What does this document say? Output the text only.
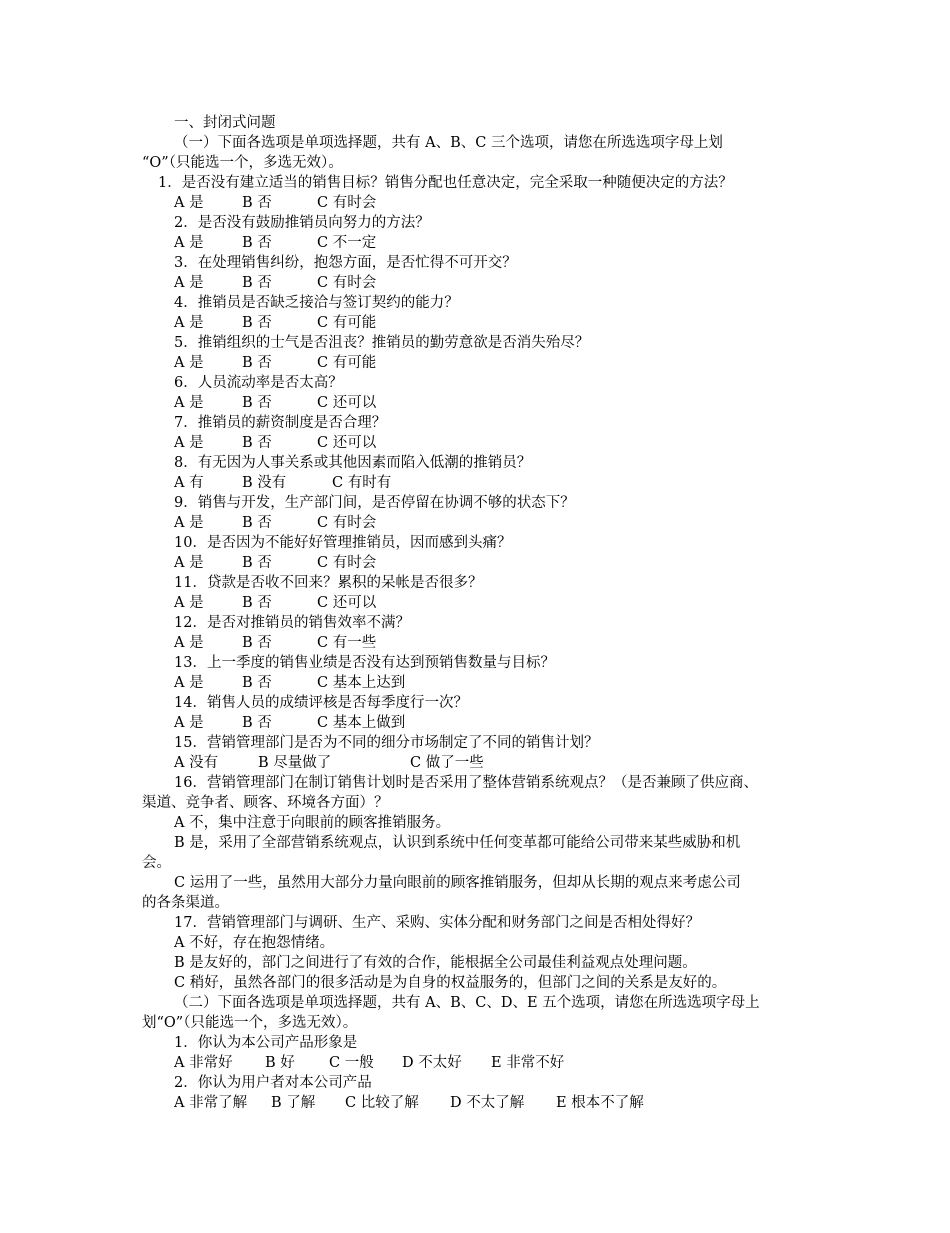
一、封闭式问题
（一）下面各选项是单项选择题，共有 A、B、C 三个选项，请您在所选选项字母上划
“O”（只能选一个，多选无效）。
1．是否没有建立适当的销售目标？销售分配也任意决定，完全采取一种随便决定的方法？

A 是

	B 否

	C 有时会

2．是否没有鼓励推销员向努力的方法？

A 是

	B 否

	C 不一定

3．在处理销售纠纷，抱怨方面，是否忙得不可开交？

A 是

	B 否

	C 有时会

4．推销员是否缺乏接洽与签订契约的能力？

A 是

	B 否

	C 有可能

5．推销组织的士气是否沮丧？推销员的勤劳意欲是否消失殆尽？

A 是

	B 否

	C 有可能

6．人员流动率是否太高？

A 是

	B 否

	C 还可以

7．推销员的薪资制度是否合理？

A 是

	B 否

	C 还可以

8．有无因为人事关系或其他因素而陷入低潮的推销员？

A 有

	B 没有

	C 有时有

9．销售与开发，生产部门间，是否停留在协调不够的状态下？

A 是

	B 否

	C 有时会

10．是否因为不能好好管理推销员，因而感到头痛？

A 是

	B 否

	C 有时会

11．贷款是否收不回来？累积的呆帐是否很多？

A 是

	B 否

	C 还可以

12．是否对推销员的销售效率不满？

A 是

	B 否

	C 有一些

13．上一季度的销售业绩是否没有达到预销售数量与目标？

A 是

	B 否

	C 基本上达到

14．销售人员的成绩评核是否每季度行一次？

A 是

	B 否

	C 基本上做到

15．营销管理部门是否为不同的细分市场制定了不同的销售计划？

A 没有

	B 尽量做了

	C 做了一些

16．营销管理部门在制订销售计划时是否采用了整体营销系统观点？（是否兼顾了供应商、
渠道、竞争者、顾客、环境各方面）？
A 不，集中注意于向眼前的顾客推销服务。
B 是，采用了全部营销系统观点，认识到系统中任何变革都可能给公司带来某些威胁和机
会。
C 运用了一些，虽然用大部分力量向眼前的顾客推销服务，但却从长期的观点来考虑公司
的各条渠道。
17．营销管理部门与调研、生产、采购、实体分配和财务部门之间是否相处得好？
A 不好，存在抱怨情绪。
B 是友好的，部门之间进行了有效的合作，能根据全公司最佳利益观点处理问题。
C 稍好，虽然各部门的很多活动是为自身的权益服务的，但部门之间的关系是友好的。
（二）下面各选项是单项选择题，共有 A、B、C、D、E 五个选项，请您在所选选项字母上
划“O”（只能选一个，多选无效）。
1．你认为本公司产品形象是

A 非常好

B 好

C 一般

D 不太好

E 非常不好

2．你认为用户者对本公司产品

A 非常了解

B 了解

C 比较了解

D 不太了解

E 根本不了解
